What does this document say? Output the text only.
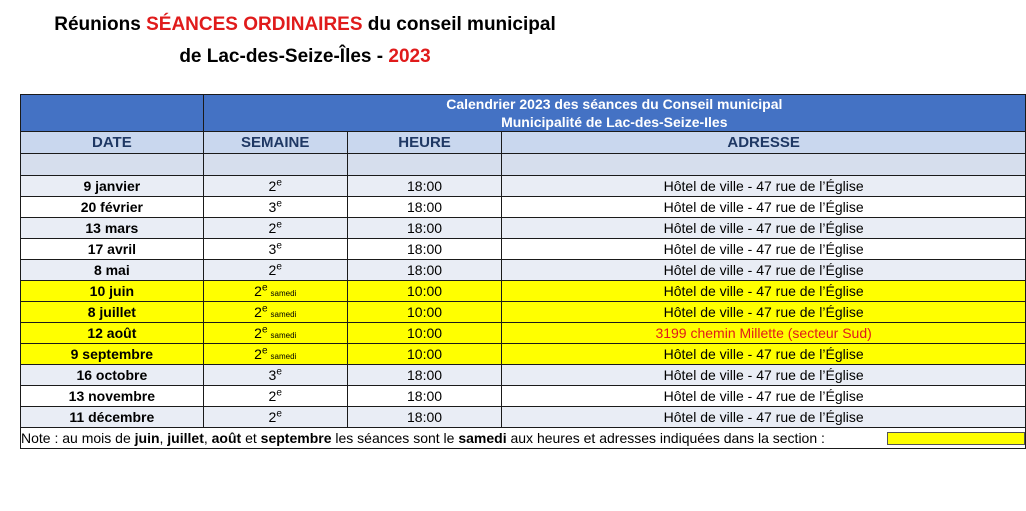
Réunions SÉANCES ORDINAIRES du conseil municipal
de Lac-des-Seize-Îles - 2023

	Calendrier 2023 des séances du Conseil municipal
Municipalité de Lac-des-Seize-Iles		

DATE	SEMAINE	HEURE	ADRESSE

9 janvier	2e	18:00	Hôtel de ville - 47 rue de l’Église
20 février	3e	18:00	Hôtel de ville - 47 rue de l’Église
13 mars	2e	18:00	Hôtel de ville - 47 rue de l’Église
17 avril	3e	18:00	Hôtel de ville - 47 rue de l’Église
8 mai	2e	18:00	Hôtel de ville - 47 rue de l’Église
10 juin	2esamedi	10:00	Hôtel de ville - 47 rue de l’Église
8 juillet	2esamedi	10:00	Hôtel de ville - 47 rue de l’Église
12 août	2esamedi	10:00	3199 chemin Millette (secteur Sud)
9 septembre	2esamedi	10:00	Hôtel de ville - 47 rue de l’Église
16 octobre	3e	18:00	Hôtel de ville - 47 rue de l’Église
13 novembre	2e	18:00	Hôtel de ville - 47 rue de l’Église
11 décembre	2e	18:00	Hôtel de ville - 47 rue de l’Église
Note : au mois de juin, juillet, août et septembre les séances sont le samedi aux heures et adresses indiquées dans la section :			
